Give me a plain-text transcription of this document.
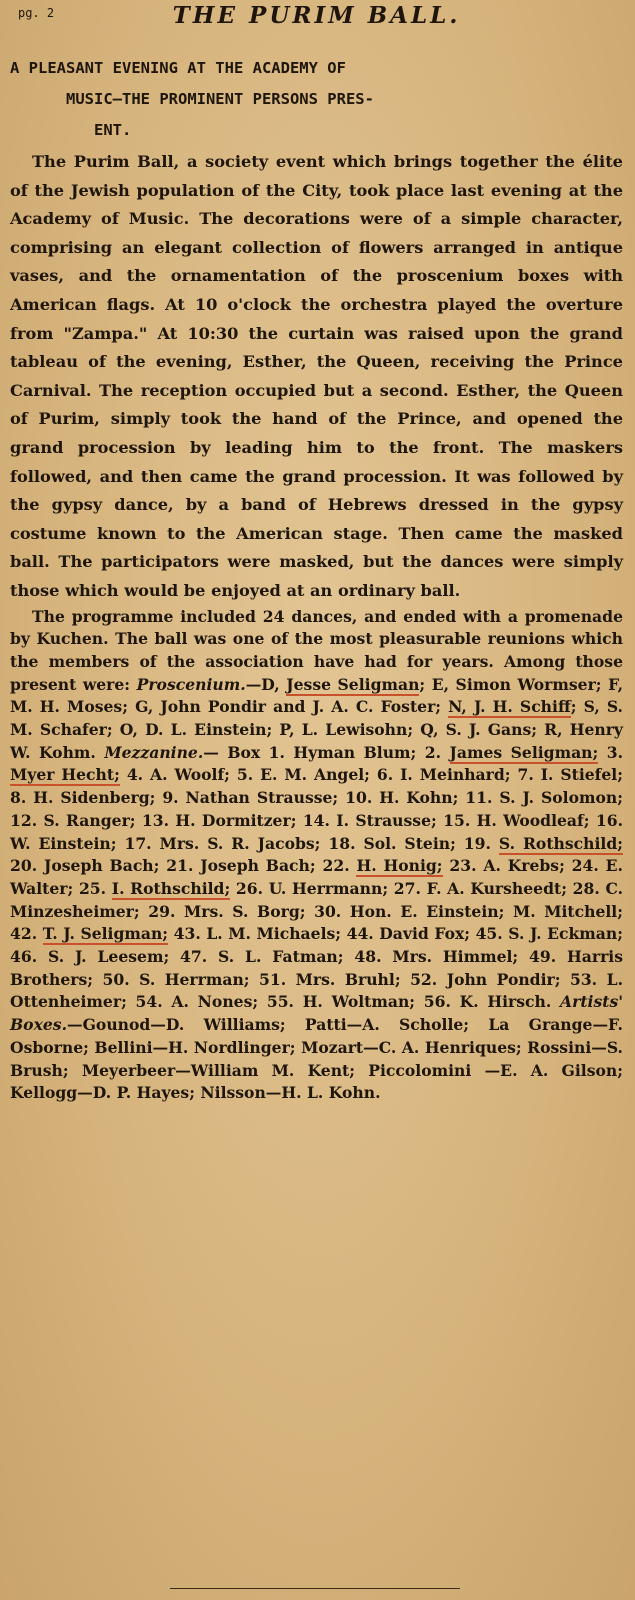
pg. 2	THE PURIM BALL.
A PLEASANT EVENING AT THE ACADEMY OF
MUSIC—THE PROMINENT PERSONS PRES-
ENT.

The Purim Ball, a society event which brings together the élite of the Jewish population of the City, took place last evening at the Academy of Music. The decorations were of a simple character, comprising an elegant collection of flowers arranged in antique vases, and the ornamentation of the proscenium boxes with American flags. At 10 o'clock the orchestra played the overture from "Zampa." At 10:30 the curtain was raised upon the grand tableau of the evening, Esther, the Queen, receiving the Prince Carnival. The reception occupied but a second. Esther, the Queen of Purim, simply took the hand of the Prince, and opened the grand procession by leading him to the front. The maskers followed, and then came the grand procession. It was followed by the gypsy dance, by a band of Hebrews dressed in the gypsy costume known to the American stage. Then came the masked ball. The participators were masked, but the dances were simply those which would be enjoyed at an ordinary ball.

The programme included 24 dances, and ended with a promenade by Kuchen. The ball was one of the most pleasurable reunions which the members of the association have had for years. Among those present were: Proscenium.—D, Jesse Seligman; E, Simon Wormser; F, M. H. Moses; G, John Pondir and J. A. C. Foster; N, J. H. Schiff; S, S. M. Schafer; O, D. L. Einstein; P, L. Lewisohn; Q, S. J. Gans; R, Henry W. Kohm. Mezzanine.— Box 1. Hyman Blum; 2. James Seligman; 3. Myer Hecht; 4. A. Woolf; 5. E. M. Angel; 6. I. Meinhard; 7. I. Stiefel; 8. H. Sidenberg; 9. Nathan Strausse; 10. H. Kohn; 11. S. J. Solomon; 12. S. Ranger; 13. H. Dormitzer; 14. I. Strausse; 15. H. Woodleaf; 16. W. Einstein; 17. Mrs. S. R. Jacobs; 18. Sol. Stein; 19. S. Rothschild; 20. Joseph Bach; 21. Joseph Bach; 22. H. Honig; 23. A. Krebs; 24. E. Walter; 25. I. Rothschild; 26. U. Herrmann; 27. F. A. Kursheedt; 28. C. Minzesheimer; 29. Mrs. S. Borg; 30. Hon. E. Einstein; M. Mitchell; 42. T. J. Seligman; 43. L. M. Michaels; 44. David Fox; 45. S. J. Eckman; 46. S. J. Leesem; 47. S. L. Fatman; 48. Mrs. Himmel; 49. Harris Brothers; 50. S. Herrman; 51. Mrs. Bruhl; 52. John Pondir; 53. L. Ottenheimer; 54. A. Nones; 55. H. Woltman; 56. K. Hirsch. Artists' Boxes.—Gounod—D. Williams; Patti—A. Scholle; La Grange—F. Osborne; Bellini—H. Nordlinger; Mozart—C. A. Henriques; Rossini—S. Brush; Meyerbeer—William M. Kent; Piccolomini —E. A. Gilson; Kellogg—D. P. Hayes; Nilsson—H. L. Kohn.
